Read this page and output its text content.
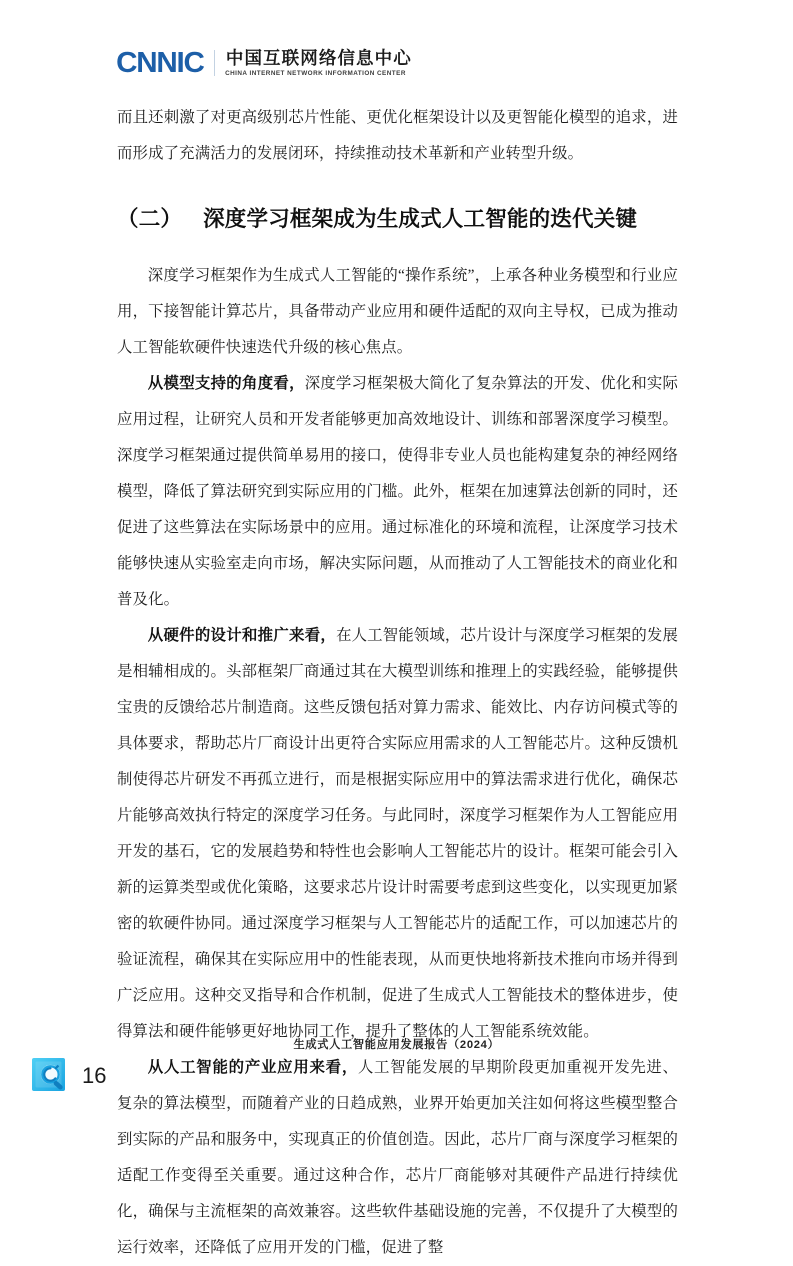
CNNIC 中国互联网络信息中心
CHINA INTERNET NETWORK INFORMATION CENTER

而且还刺激了对更高级别芯片性能、更优化框架设计以及更智能化模型的追求，进而形成了充满活力的发展闭环，持续推动技术革新和产业转型升级。

（二） 深度学习框架成为生成式人工智能的迭代关键

深度学习框架作为生成式人工智能的“操作系统”，上承各种业务模型和行业应用，下接智能计算芯片，具备带动产业应用和硬件适配的双向主导权，已成为推动人工智能软硬件快速迭代升级的核心焦点。

从模型支持的角度看，深度学习框架极大简化了复杂算法的开发、优化和实际应用过程，让研究人员和开发者能够更加高效地设计、训练和部署深度学习模型。深度学习框架通过提供简单易用的接口，使得非专业人员也能构建复杂的神经网络模型，降低了算法研究到实际应用的门槛。此外，框架在加速算法创新的同时，还促进了这些算法在实际场景中的应用。通过标准化的环境和流程，让深度学习技术能够快速从实验室走向市场，解决实际问题，从而推动了人工智能技术的商业化和普及化。

从硬件的设计和推广来看，在人工智能领域，芯片设计与深度学习框架的发展是相辅相成的。头部框架厂商通过其在大模型训练和推理上的实践经验，能够提供宝贵的反馈给芯片制造商。这些反馈包括对算力需求、能效比、内存访问模式等的具体要求，帮助芯片厂商设计出更符合实际应用需求的人工智能芯片。这种反馈机制使得芯片研发不再孤立进行，而是根据实际应用中的算法需求进行优化，确保芯片能够高效执行特定的深度学习任务。与此同时，深度学习框架作为人工智能应用开发的基石，它的发展趋势和特性也会影响人工智能芯片的设计。框架可能会引入新的运算类型或优化策略，这要求芯片设计时需要考虑到这些变化，以实现更加紧密的软硬件协同。通过深度学习框架与人工智能芯片的适配工作，可以加速芯片的验证流程，确保其在实际应用中的性能表现，从而更快地将新技术推向市场并得到广泛应用。这种交叉指导和合作机制，促进了生成式人工智能技术的整体进步，使得算法和硬件能够更好地协同工作，提升了整体的人工智能系统效能。

从人工智能的产业应用来看，人工智能发展的早期阶段更加重视开发先进、复杂的算法模型，而随着产业的日趋成熟，业界开始更加关注如何将这些模型整合到实际的产品和服务中，实现真正的价值创造。因此，芯片厂商与深度学习框架的适配工作变得至关重要。通过这种合作，芯片厂商能够对其硬件产品进行持续优化，确保与主流框架的高效兼容。这些软件基础设施的完善，不仅提升了大模型的运行效率，还降低了应用开发的门槛，促进了整

生成式人工智能应用发展报告（2024）
16
